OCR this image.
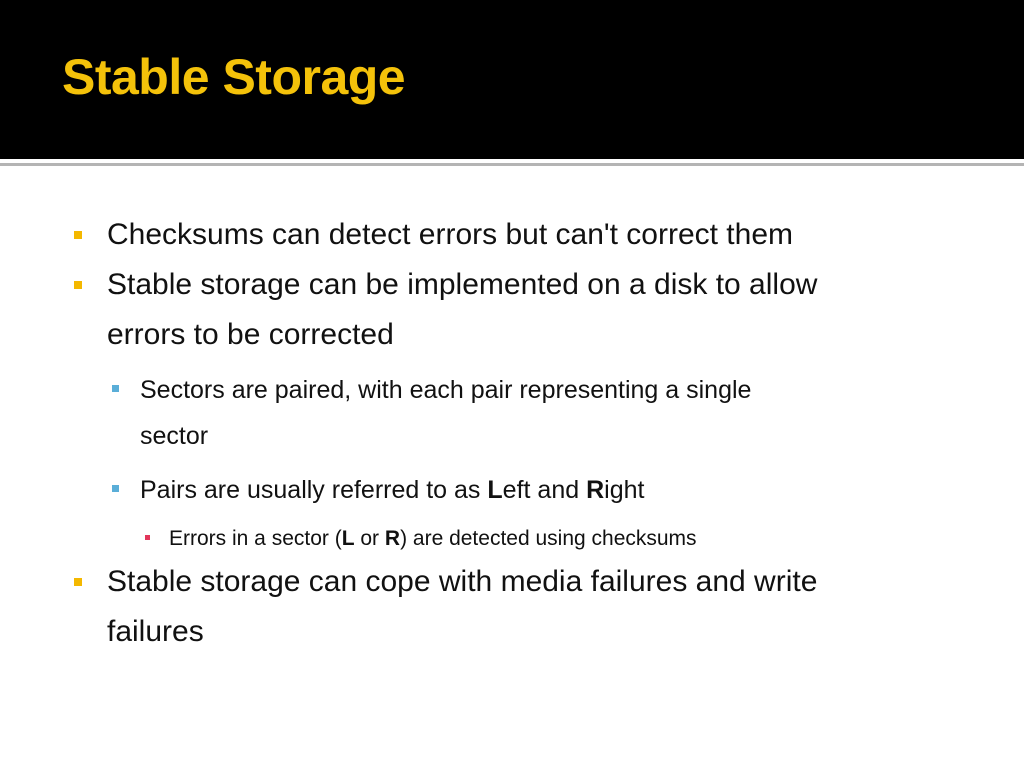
Stable Storage
Checksums can detect errors but can't correct them
Stable storage can be implemented on a disk to allow
errors to be corrected
Sectors are paired, with each pair representing a single
sector
Pairs are usually referred to as Left and Right
Errors in a sector (L or R) are detected using checksums
Stable storage can cope with media failures and write
failures
